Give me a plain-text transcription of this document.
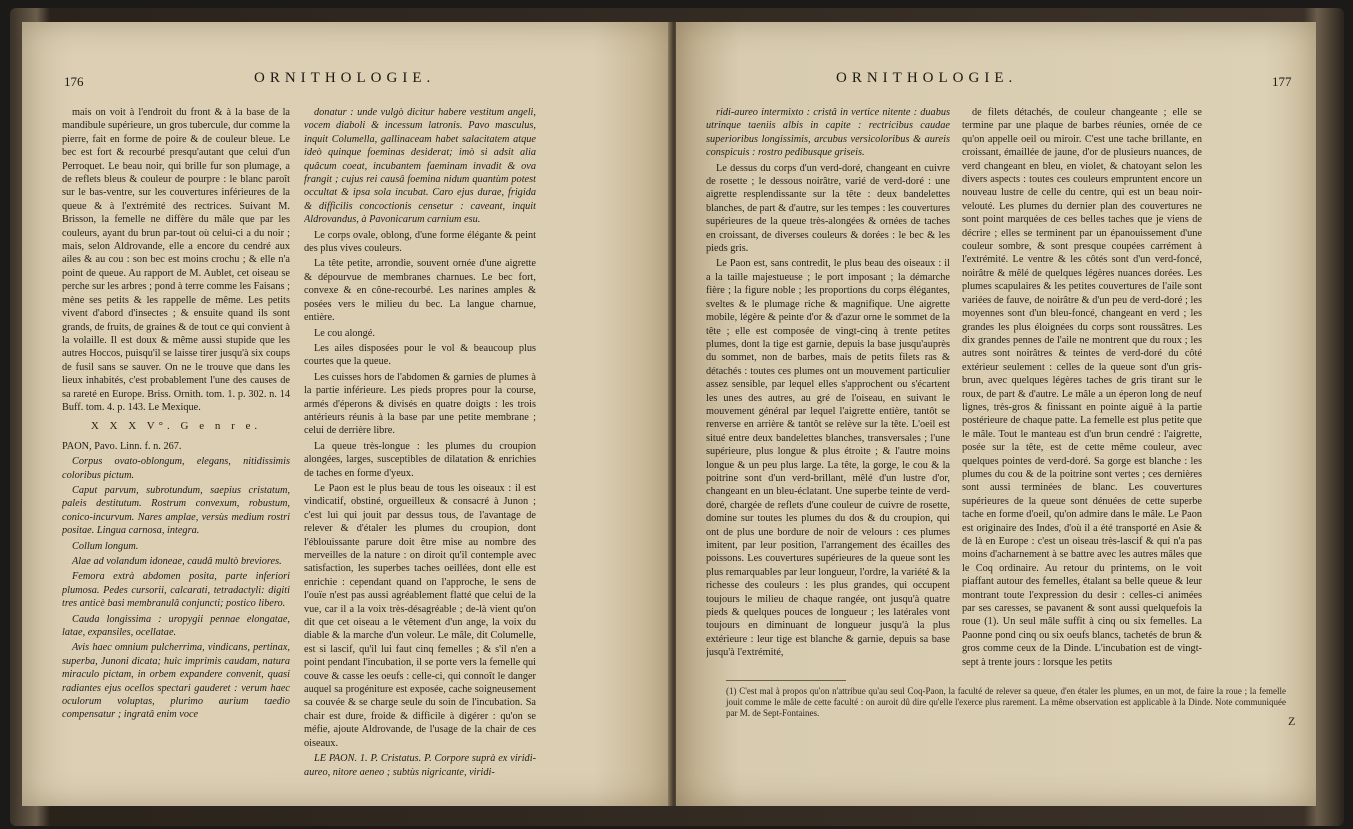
176	ORNITHOLOGIE.

mais on voit à l'endroit du front & à la base de la mandibule supérieure, un gros tubercule, dur comme la pierre, fait en forme de poire & de couleur bleue. Le bec est fort & recourbé presqu'autant que celui d'un Perroquet. Le beau noir, qui brille fur son plumage, a de reflets bleus & couleur de pourpre : le blanc paroît sur le bas-ventre, sur les couvertures inférieures de la queue & à l'extrémité des rectrices. Suivant M. Brisson, la femelle ne diffère du mâle que par les couleurs, ayant du brun par-tout où celui-ci a du noir ; mais, selon Aldrovande, elle a encore du cendré aux ailes & au cou : son bec est moins crochu ; & elle n'a point de queue. Au rapport de M. Aublet, cet oiseau se perche sur les arbres ; pond à terre comme les Faisans ; mène ses petits & les rappelle de même. Les petits vivent d'abord d'insectes ; & ensuite quand ils sont grands, de fruits, de graines & de tout ce qui convient à la volaille. Il est doux & même aussi stupide que les autres Hoccos, puisqu'il se laisse tirer jusqu'à six coups de fusil sans se sauver. On ne le trouve que dans les lieux inhabités, c'est probablement l'une des causes de sa rareté en Europe. Briss. Ornith. tom. 1. p. 302. n. 14 Buff. tom. 4. p. 143. Le Mexique.

X X X V°. G e n r e.

PAON, Pavo. Linn. f. n. 267.

Corpus ovato-oblongum, elegans, nitidissimis coloribus pictum.

Caput parvum, subrotundum, saepius cristatum, paleis destitutum. Rostrum convexum, robustum, conico-incurvum. Nares amplae, versùs medium rostri positae. Lingua carnosa, integra.

Collum longum.

Alae ad volandum idoneae, caudâ multò breviores.

Femora extrà abdomen posita, parte inferiori plumosa. Pedes cursorii, calcarati, tetradactyli: digiti tres anticè basi membranulâ conjuncti; postico libero.

Cauda longissima : uropygii pennae elongatae, latae, expansiles, ocellatae.

Avis haec omnium pulcherrima, vindicans, pertinax, superba, Junoni dicata; huic imprimis caudam, natura miraculo pictam, in orbem expandere convenit, quasi radiantes ejus ocellos spectari gauderet : verum haec oculorum voluptas, plurimo aurium taedio compensatur ; ingratâ enim voce

donatur : unde vulgò dicitur habere vestitum angeli, vocem diaboli & incessum latronis. Pavo masculus, inquit Columella, gallinaceam habet salacitatem atque ideò quinque foeminas desiderat; imò si adsit alia quâcum coeat, incubantem faeminam invadit & ova frangit ; cujus rei causâ foemina nidum quantùm potest occultat & ipsa sola incubat. Caro ejus durae, frigida & difficilis concoctionis censetur : caveant, inquit Aldrovandus, à Pavonicarum carnium esu.

Le corps ovale, oblong, d'une forme élégante & peint des plus vives couleurs.

La tête petite, arrondie, souvent ornée d'une aigrette & dépourvue de membranes charnues. Le bec fort, convexe & en cône-recourbé. Les narines amples & posées vers le milieu du bec. La langue charnue, entière.

Le cou alongé.

Les ailes disposées pour le vol & beaucoup plus courtes que la queue.

Les cuisses hors de l'abdomen & garnies de plumes à la partie inférieure. Les pieds propres pour la course, armés d'éperons & divisés en quatre doigts : les trois antérieurs réunis à la base par une petite membrane ; celui de derrière libre.

La queue très-longue : les plumes du croupion alongées, larges, susceptibles de dilatation & enrichies de taches en forme d'yeux.

Le Paon est le plus beau de tous les oiseaux : il est vindicatif, obstiné, orgueilleux & consacré à Junon ; c'est lui qui jouit par dessus tous, de l'avantage de relever & d'étaler les plumes du croupion, dont l'éblouissante parure doit être mise au nombre des merveilles de la nature : on diroit qu'il contemple avec satisfaction, les superbes taches oeillées, dont elle est enrichie : cependant quand on l'approche, le sens de l'ouïe n'est pas aussi agréablement flatté que celui de la vue, car il a la voix très-désagréable ; de-là vient qu'on dit que cet oiseau a le vêtement d'un ange, la voix du diable & la marche d'un voleur. Le mâle, dit Columelle, est si lascif, qu'il lui faut cinq femelles ; & s'il n'en a point pendant l'incubation, il se porte vers la femelle qui couve & casse les oeufs : celle-ci, qui connoît le danger auquel sa progéniture est exposée, cache soigneusement sa couvée & se charge seule du soin de l'incubation. Sa chair est dure, froide & difficile à digérer : qu'on se méfie, ajoute Aldrovande, de l'usage de la chair de ces oiseaux.

LE PAON. 1. P. Cristatus. P. Corpore suprà ex viridi-aureo, nitore aeneo ; subtùs nigricante, viridi-

ORNITHOLOGIE.	177

ridi-aureo intermixto : cristâ in vertice nitente : duabus utrinque taeniis albis in capite : rectricibus caudae superioribus longissimis, arcubus versicoloribus & aureis conspicuis : rostro pedibusque griseis.

Le dessus du corps d'un verd-doré, changeant en cuivre de rosette ; le dessous noirâtre, varié de verd-doré : une aigrette resplendissante sur la tête : deux bandelettes blanches, de part & d'autre, sur les tempes : les couvertures supérieures de la queue très-alongées & ornées de taches en croissant, de diverses couleurs & dorées : le bec & les pieds gris.

Le Paon est, sans contredit, le plus beau des oiseaux : il a la taille majestueuse ; le port imposant ; la démarche fière ; la figure noble ; les proportions du corps élégantes, sveltes & le plumage riche & magnifique. Une aigrette mobile, légère & peinte d'or & d'azur orne le sommet de la tête ; elle est composée de vingt-cinq à trente petites plumes, dont la tige est garnie, depuis la base jusqu'auprès du sommet, non de barbes, mais de petits filets ras & détachés : toutes ces plumes ont un mouvement particulier assez sensible, par lequel elles s'approchent ou s'écartent les unes des autres, au gré de l'oiseau, en suivant le mouvement général par lequel l'aigrette entière, tantôt se renverse en arrière & tantôt se relève sur la tête. L'oeil est situé entre deux bandelettes blanches, transversales ; l'une supérieure, plus longue & plus étroite ; & l'autre moins longue & un peu plus large. La tête, la gorge, le cou & la poitrine sont d'un verd-brillant, mêlé d'un lustre d'or, changeant en un bleu-éclatant. Une superbe teinte de verd-doré, chargée de reflets d'une couleur de cuivre de rosette, domine sur toutes les plumes du dos & du croupion, qui ont de plus une bordure de noir de velours : ces plumes imitent, par leur position, l'arrangement des écailles des poissons. Les couvertures supérieures de la queue sont les plus remarquables par leur longueur, l'ordre, la variété & la richesse des couleurs : les plus grandes, qui occupent toujours le milieu de chaque rangée, ont jusqu'à quatre pieds & quelques pouces de longueur ; les latérales vont toujours en diminuant de longueur jusqu'à la plus extérieure : leur tige est blanche & garnie, depuis sa base jusqu'à l'extrémité,

de filets détachés, de couleur changeante ; elle se termine par une plaque de barbes réunies, ornée de ce qu'on appelle oeil ou miroir. C'est une tache brillante, en croissant, émaillée de jaune, d'or de plusieurs nuances, de verd changeant en bleu, en violet, & chatoyant selon les divers aspects : toutes ces couleurs empruntent encore un nouveau lustre de celle du centre, qui est un beau noir-velouté. Les plumes du dernier plan des couvertures ne sont point marquées de ces belles taches que je viens de décrire ; elles se terminent par un épanouissement d'une couleur sombre, & sont presque coupées carrément à l'extrémité. Le ventre & les côtés sont d'un verd-foncé, noirâtre & mêlé de quelques légères nuances dorées. Les plumes scapulaires & les petites couvertures de l'aile sont variées de fauve, de noirâtre & d'un peu de verd-doré ; les moyennes sont d'un bleu-foncé, changeant en verd ; les grandes les plus éloignées du corps sont roussâtres. Les dix grandes pennes de l'aile ne montrent que du roux ; les autres sont noirâtres & teintes de verd-doré du côté extérieur seulement : celles de la queue sont d'un gris-brun, avec quelques légères taches de gris tirant sur le roux, de part & d'autre. Le mâle a un éperon long de neuf lignes, très-gros & finissant en pointe aiguë à la partie postérieure de chaque patte. La femelle est plus petite que le mâle. Tout le manteau est d'un brun cendré : l'aigrette, posée sur la tête, est de cette même couleur, avec quelques pointes de verd-doré. Sa gorge est blanche : les plumes du cou & de la poitrine sont vertes ; ces dernières sont aussi terminées de blanc. Les couvertures supérieures de la queue sont dénuées de cette superbe tache en forme d'oeil, qu'on admire dans le mâle. Le Paon est originaire des Indes, d'où il a été transporté en Asie & de là en Europe : c'est un oiseau très-lascif & qui n'a pas moins d'acharnement à se battre avec les autres mâles que le Coq ordinaire. Au retour du printems, on le voit piaffant autour des femelles, étalant sa belle queue & leur montrant toute l'expression du desir : celles-ci animées par ses caresses, se pavanent & sont aussi quelquefois la roue (1). Un seul mâle suffit à cinq ou six femelles. La Paonne pond cinq ou six oeufs blancs, tachetés de brun & gros comme ceux de la Dinde. L'incubation est de vingt-sept à trente jours : lorsque les petits

(1) C'est mal à propos qu'on n'attribue qu'au seul Coq-Paon, la faculté de relever sa queue, d'en étaler les plumes, en un mot, de faire la roue ; la femelle jouit comme le mâle de cette faculté : on auroit dû dire qu'elle l'exerce plus rarement. La même observation est applicable à la Dinde. Note communiquée par M. de Sept-Fontaines.
Z
